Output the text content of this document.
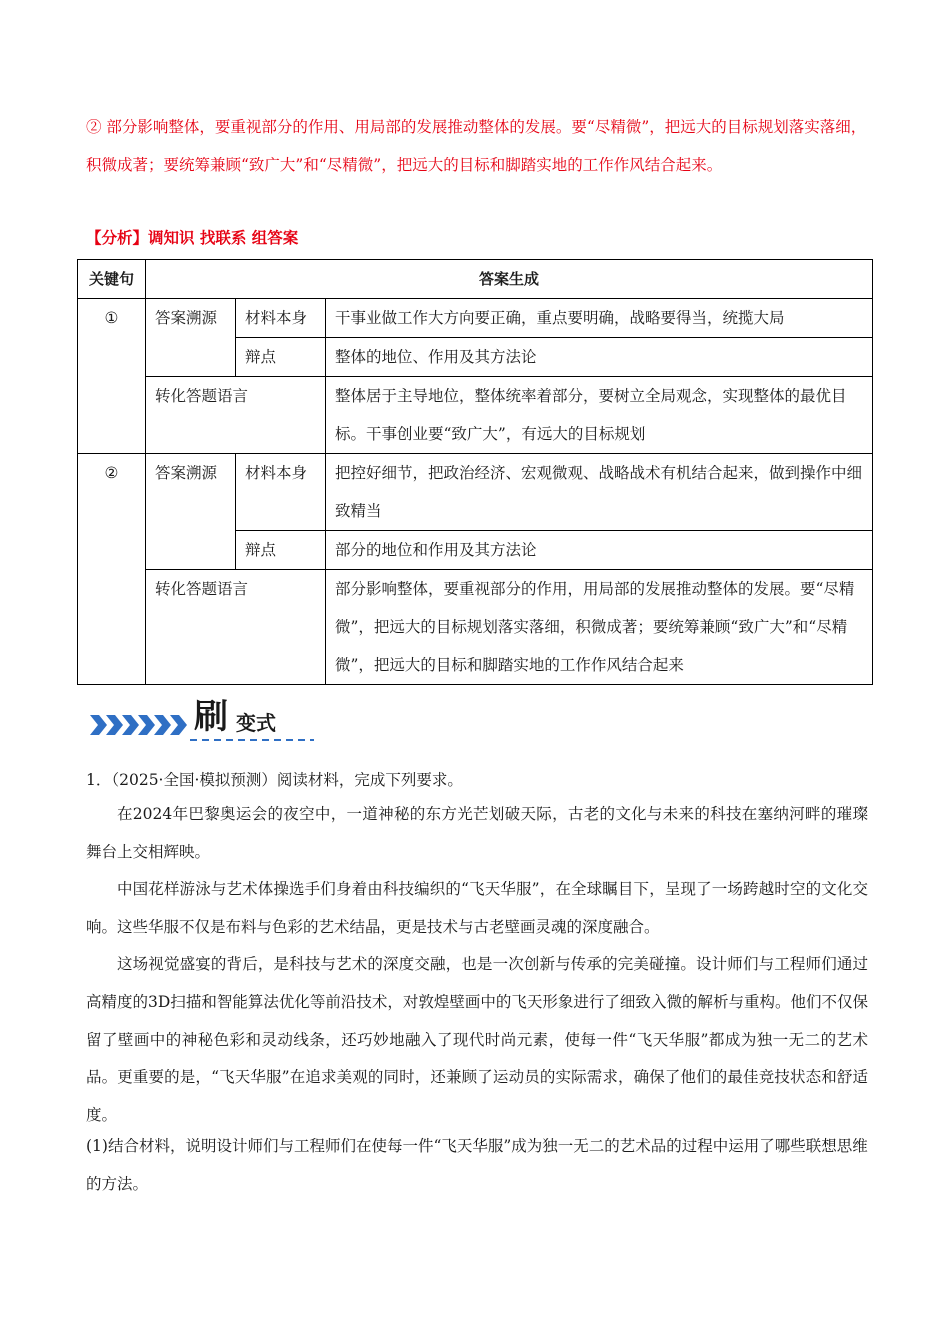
② 部分影响整体，要重视部分的作用、用局部的发展推动整体的发展。要“尽精微”，把远大的目标规划落实落细，积微成著；要统筹兼顾“致广大”和“尽精微”，把远大的目标和脚踏实地的工作作风结合起来。
【分析】调知识 找联系 组答案
关键句	答案生成		
①	答案溯源	材料本身	干事业做工作大方向要正确，重点要明确，战略要得当，统揽大局
		辩点	整体的地位、作用及其方法论
	转化答题语言		整体居于主导地位，整体统率着部分，要树立全局观念，实现整体的最优目标。干事创业要“致广大”，有远大的目标规划
②	答案溯源	材料本身	把控好细节，把政治经济、宏观微观、战略战术有机结合起来，做到操作中细致精当
		辩点	部分的地位和作用及其方法论
	转化答题语言		部分影响整体，要重视部分的作用，用局部的发展推动整体的发展。要“尽精微”，把远大的目标规划落实落细，积微成著；要统筹兼顾“致广大”和“尽精微”，把远大的目标和脚踏实地的工作作风结合起来
刷 变式
1．（2025·全国·模拟预测）阅读材料，完成下列要求。

在2024年巴黎奥运会的夜空中，一道神秘的东方光芒划破天际，古老的文化与未来的科技在塞纳河畔的璀璨舞台上交相辉映。

中国花样游泳与艺术体操选手们身着由科技编织的“飞天华服”，在全球瞩目下，呈现了一场跨越时空的文化交响。这些华服不仅是布料与色彩的艺术结晶，更是技术与古老壁画灵魂的深度融合。

这场视觉盛宴的背后，是科技与艺术的深度交融，也是一次创新与传承的完美碰撞。设计师们与工程师们通过高精度的3D扫描和智能算法优化等前沿技术，对敦煌壁画中的飞天形象进行了细致入微的解析与重构。他们不仅保留了壁画中的神秘色彩和灵动线条，还巧妙地融入了现代时尚元素，使每一件“飞天华服”都成为独一无二的艺术品。更重要的是，“飞天华服”在追求美观的同时，还兼顾了运动员的实际需求，确保了他们的最佳竞技状态和舒适度。

(1)结合材料，说明设计师们与工程师们在使每一件“飞天华服”成为独一无二的艺术品的过程中运用了哪些联想思维的方法。
